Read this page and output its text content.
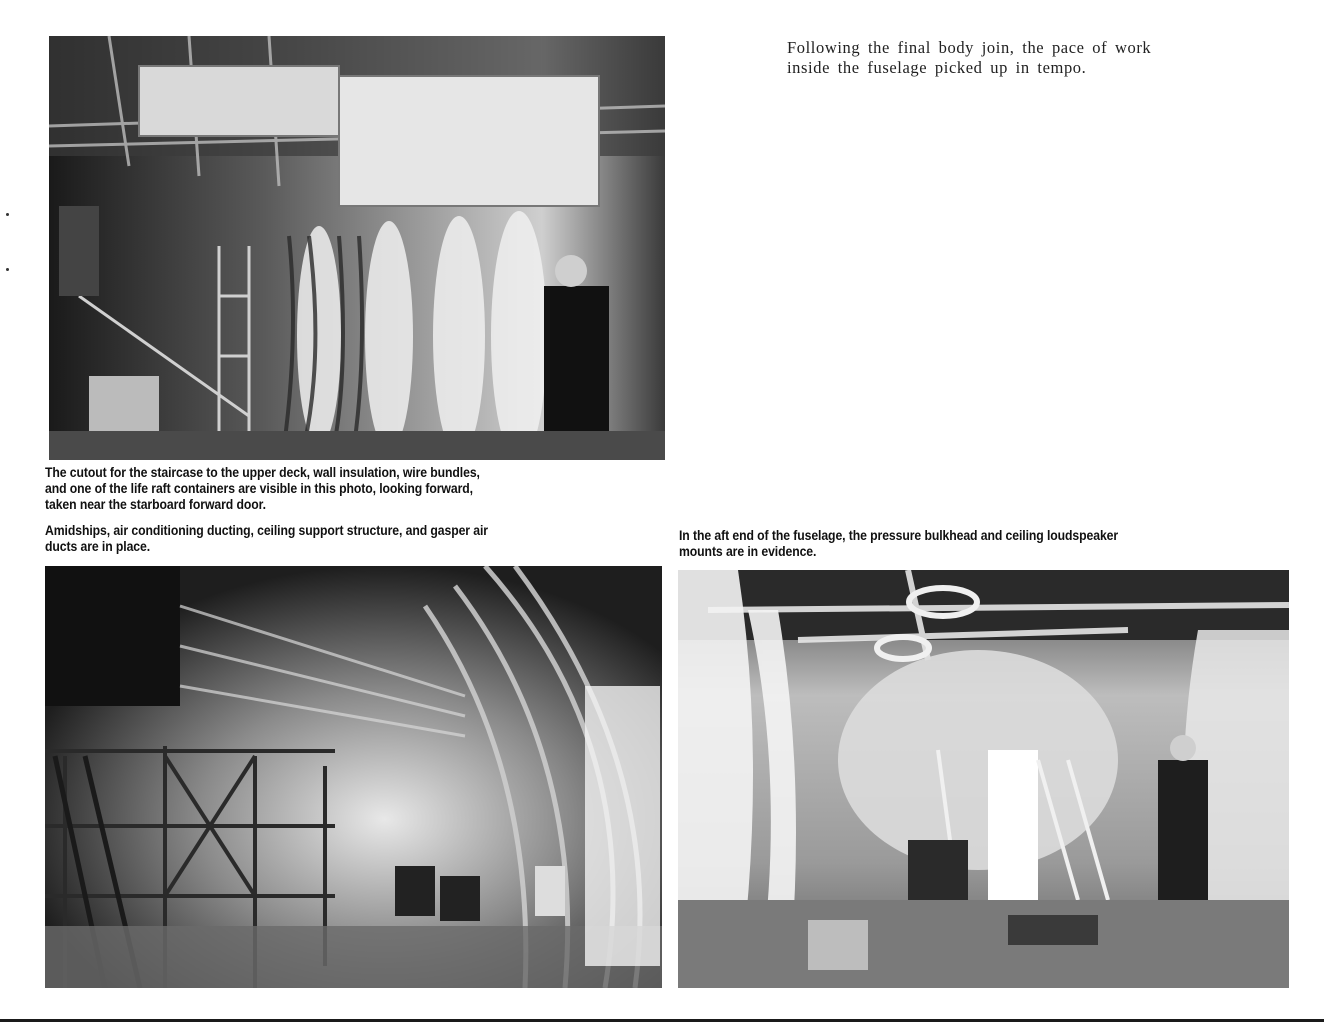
Following the final body join, the pace of work
inside the fuselage picked up in tempo.
The cutout for the staircase to the upper deck, wall insulation, wire bundles,
and one of the life raft containers are visible in this photo, looking forward,
taken near the starboard forward door.
Amidships, air conditioning ducting, ceiling support structure, and gasper air
ducts are in place.
In the aft end of the fuselage, the pressure bulkhead and ceiling loudspeaker
mounts are in evidence.
